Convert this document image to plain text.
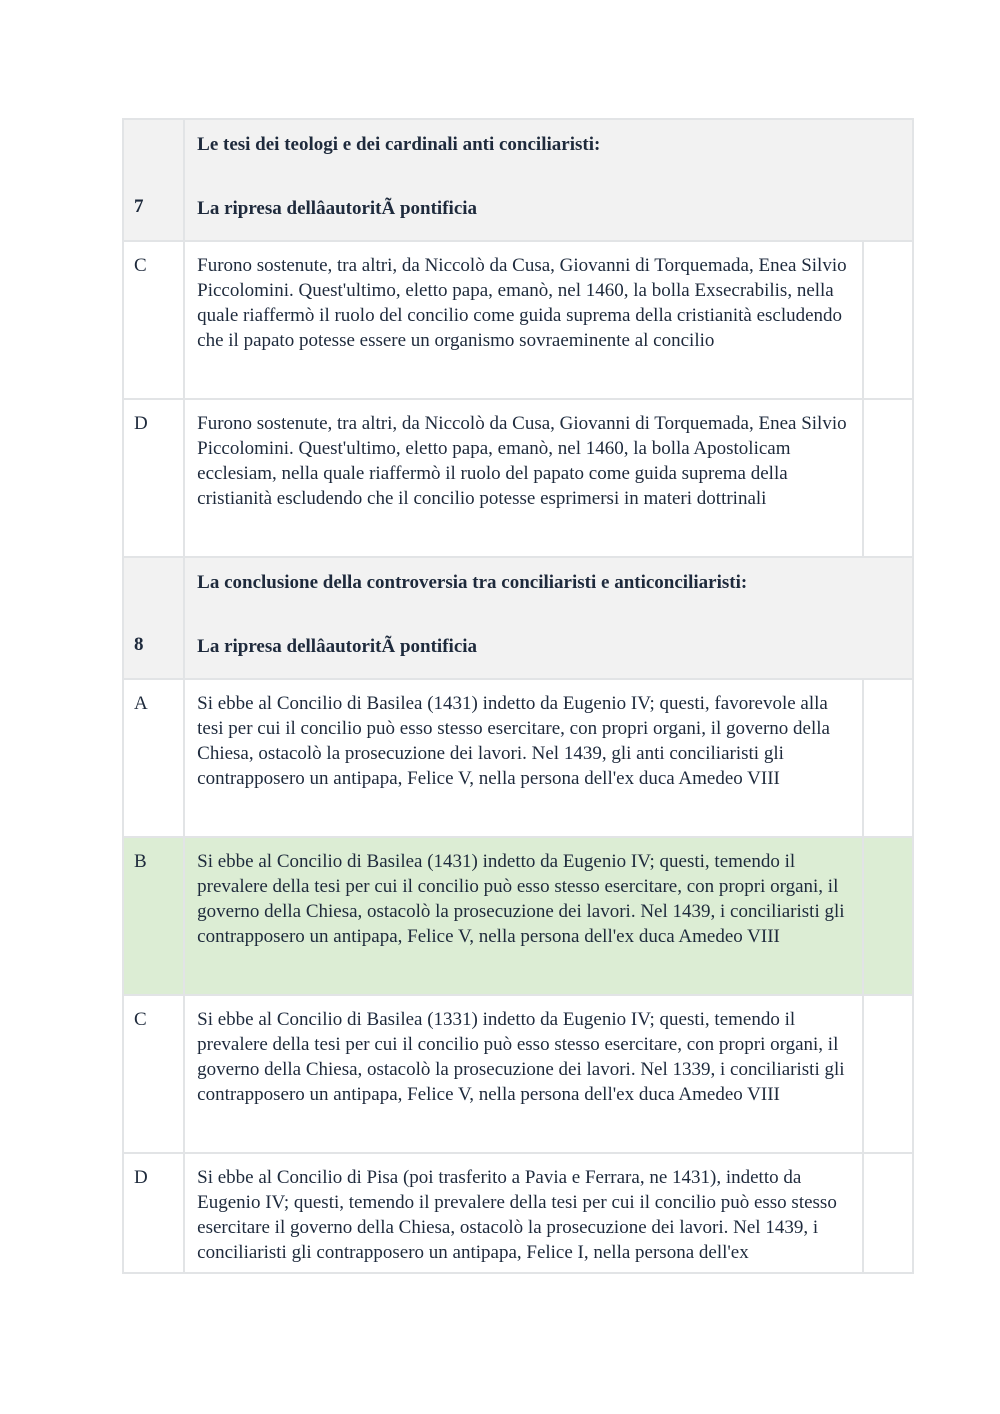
7	Le tesi dei teologi e dei cardinali anti conciliaristi:
La ripresa dellâautoritÃ pontificia	

C	Furono sostenute, tra altri, da Niccolò da Cusa, Giovanni di Torquemada, Enea Silvio Piccolomini. Quest'ultimo, eletto papa, emanò, nel 1460, la bolla Exsecrabilis, nella quale riaffermò il ruolo del concilio come guida suprema della cristianità escludendo che il papato potesse essere un organismo sovraeminente al concilio	
D	Furono sostenute, tra altri, da Niccolò da Cusa, Giovanni di Torquemada, Enea Silvio Piccolomini. Quest'ultimo, eletto papa, emanò, nel 1460, la bolla Apostolicam ecclesiam, nella quale riaffermò il ruolo del papato come guida suprema della cristianità escludendo che il concilio potesse esprimersi in materi dottrinali	
8	La conclusione della controversia tra conciliaristi e anticonciliaristi:
La ripresa dellâautoritÃ pontificia	

A	Si ebbe al Concilio di Basilea (1431) indetto da Eugenio IV; questi, favorevole alla tesi per cui il concilio può esso stesso esercitare, con propri organi, il governo della Chiesa, ostacolò la prosecuzione dei lavori. Nel 1439, gli anti conciliaristi gli contrapposero un antipapa, Felice V, nella persona dell'ex duca Amedeo VIII	
B	Si ebbe al Concilio di Basilea (1431) indetto da Eugenio IV; questi, temendo il prevalere della tesi per cui il concilio può esso stesso esercitare, con propri organi, il governo della Chiesa, ostacolò la prosecuzione dei lavori. Nel 1439, i conciliaristi gli contrapposero un antipapa, Felice V, nella persona dell'ex duca Amedeo VIII	
C	Si ebbe al Concilio di Basilea (1331) indetto da Eugenio IV; questi, temendo il prevalere della tesi per cui il concilio può esso stesso esercitare, con propri organi, il governo della Chiesa, ostacolò la prosecuzione dei lavori. Nel 1339, i conciliaristi gli contrapposero un antipapa, Felice V, nella persona dell'ex duca Amedeo VIII	
D	Si ebbe al Concilio di Pisa (poi trasferito a Pavia e Ferrara, ne 1431), indetto da Eugenio IV; questi, temendo il prevalere della tesi per cui il concilio può esso stesso esercitare il governo della Chiesa, ostacolò la prosecuzione dei lavori. Nel 1439, i conciliaristi gli contrapposero un antipapa, Felice I, nella persona dell'ex	
